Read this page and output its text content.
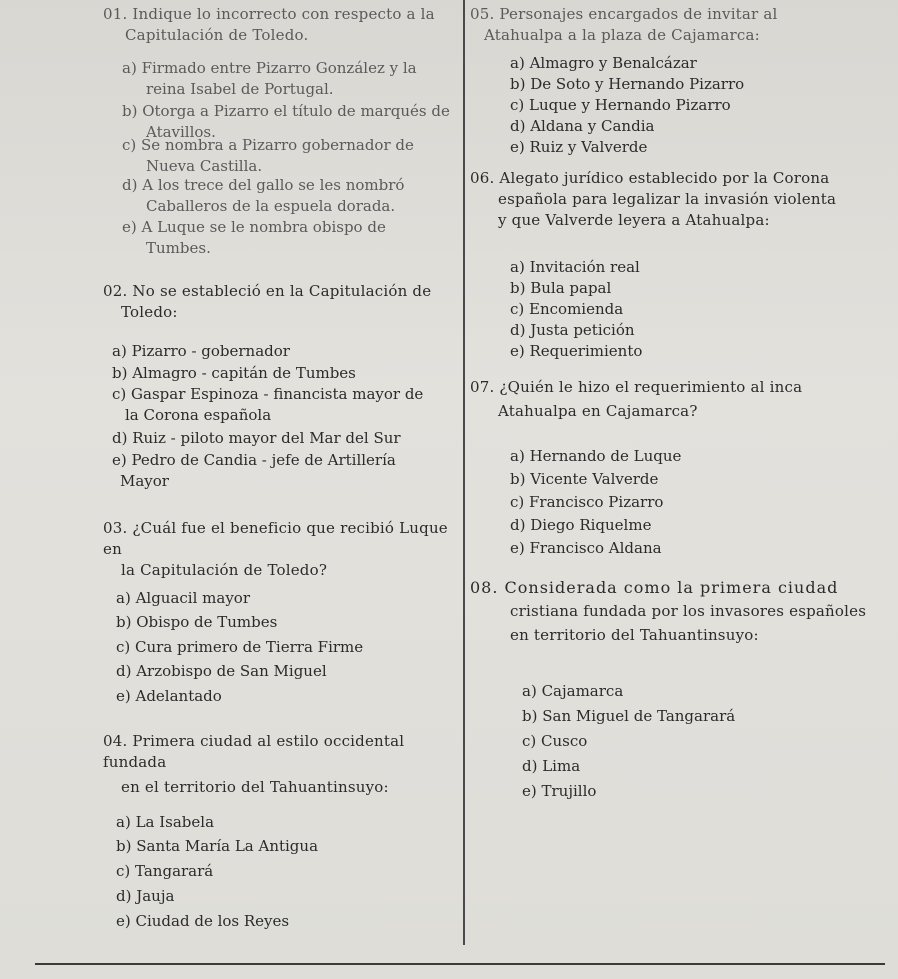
01. Indique lo incorrecto con respecto a la
Capitulación de Toledo.
a) Firmado entre Pizarro González y la
reina Isabel de Portugal.
b) Otorga a Pizarro el título de marqués de
Atavillos.
c) Se nombra a Pizarro gobernador de
Nueva Castilla.
d) A los trece del gallo se les nombró
Caballeros de la espuela dorada.
e) A Luque se le nombra obispo de
Tumbes.
02. No se estableció en la Capitulación de
Toledo:
a) Pizarro - gobernador
b) Almagro - capitán de Tumbes
c) Gaspar Espinoza - financista mayor de
la Corona española
d) Ruiz - piloto mayor del Mar del Sur
e) Pedro de Candia - jefe de Artillería
Mayor
03. ¿Cuál fue el beneficio que recibió Luque en
la Capitulación de Toledo?
a) Alguacil mayor
b) Obispo de Tumbes
c) Cura primero de Tierra Firme
d) Arzobispo de San Miguel
e) Adelantado
04. Primera ciudad al estilo occidental fundada
en el territorio del Tahuantinsuyo:
a) La Isabela
b) Santa María La Antigua
c) Tangarará
d) Jauja
e) Ciudad de los Reyes
05. Personajes encargados de invitar al
Atahualpa a la plaza de Cajamarca:
a) Almagro y Benalcázar
b) De Soto y Hernando Pizarro
c) Luque y Hernando Pizarro
d) Aldana y Candia
e) Ruiz y Valverde
06. Alegato jurídico establecido por la Corona
española para legalizar la invasión violenta
y que Valverde leyera a Atahualpa:
a) Invitación real
b) Bula papal
c) Encomienda
d) Justa petición
e) Requerimiento
07. ¿Quién le hizo el requerimiento al inca
Atahualpa en Cajamarca?
a) Hernando de Luque
b) Vicente Valverde
c) Francisco Pizarro
d) Diego Riquelme
e) Francisco Aldana
08. Considerada como la primera ciudad
cristiana fundada por los invasores españoles
en territorio del Tahuantinsuyo:
a) Cajamarca
b) San Miguel de Tangarará
c) Cusco
d) Lima
e) Trujillo
